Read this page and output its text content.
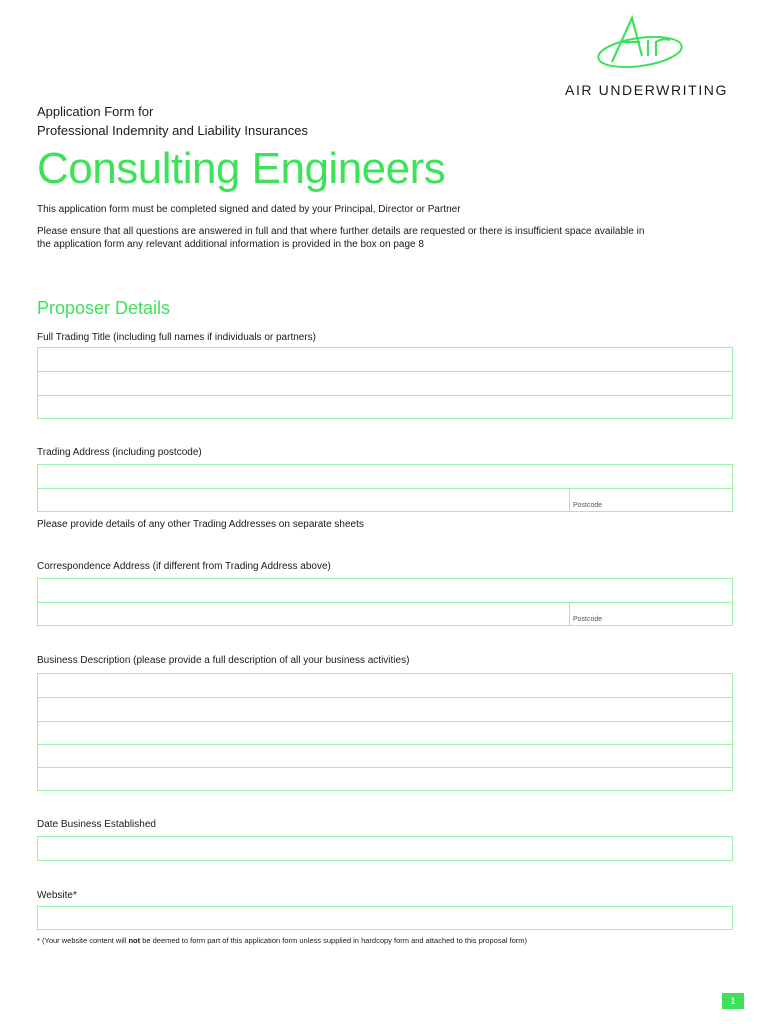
AIR UNDERWRITING
Application Form for
Professional Indemnity and Liability Insurances
Consulting Engineers
This application form must be completed signed and dated by your Principal, Director or Partner
Please ensure that all questions are answered in full and that where further details are requested or there is insufficient space available in
the application form any relevant additional information is provided in the box on page 8
Proposer Details
Full Trading Title (including full names if individuals or partners)
Trading Address (including postcode)
Postcode
Please provide details of any other Trading Addresses on separate sheets
Correspondence Address (if different from Trading Address above)
Postcode
Business Description (please provide a full description of all your business activities)
Date Business Established
Website*
* (Your website content will not be deemed to form part of this application form unless supplied in hardcopy form and attached to this proposal form)
1
